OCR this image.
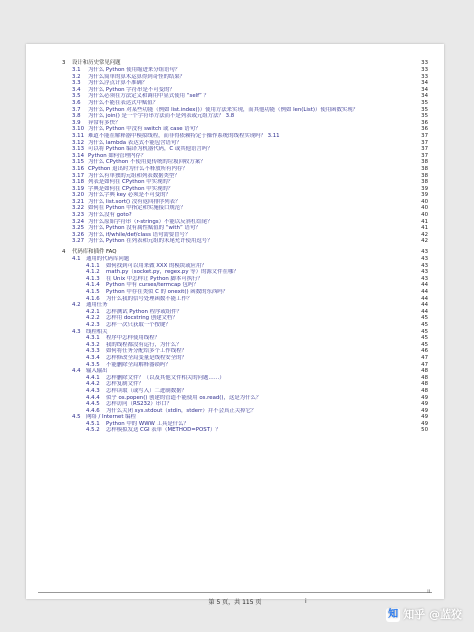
3 设计和历史常见问题	33
3.1 为什么 Python 使用缩进来分组语句？	33
3.2 为什么简单的算术运算得到奇怪的结果？	33
3.3 为什么浮点计算不准确？	34
3.4 为什么 Python 字符串是不可变的？	34
3.5 为什么必须在方法定义和调用中显式使用 “self” ？	34
3.6 为什么不能在表达式中赋值？	35
3.7 为什么 Python 对某些功能（例如 list.index()）使用方法来实现，而其他功能（例如 len(List)）使用函数实现？	35
3.8 为什么 join() 是一个字符串方法而不是列表或元组方法？ 3.8	35
3.9 异常有多快？	36
3.10 为什么 Python 中没有 switch 或 case 语句？	36
3.11 难道不能在解释器中模拟线程，而非得依赖特定于操作系统的线程实现吗？ 3.11	37
3.12 为什么 lambda 表达式不能包含语句？	37
3.13 可以将 Python 编译为机器代码，C 或其他语言吗？	37
3.14 Python 如何管理内存？	37
3.15 为什么 CPython 不使用更传统的垃圾回收方案？	38
3.16 CPython 退出时为什么不释放所有内存？	38
3.17 为什么有单独的元组和列表数据类型？	38
3.18 列表是如何在 CPython 中实现的？	38
3.19 字典是如何在 CPython 中实现的？	39
3.20 为什么字典 key 必须是不可变的？	39
3.21 为什么 list.sort() 没有返回排序列表？	40
3.22 如何在 Python 中指定和实施接口规范？	40
3.23 为什么没有 goto?	40
3.24 为什么原始字符串（r-strings）不能以反斜杠结尾？	41
3.25 为什么 Python 没有属性赋值的 “with” 语句？	41
3.26 为什么 if/while/def/class 语句需要冒号？	42
3.27 为什么 Python 在列表和元组的末尾允许使用逗号？	42
4 代码库和插件 FAQ	43
4.1 通用的代码库问题	43
4.1.1 如何找到可以用来做 XXX 的模块或应用？	43
4.1.2 math.py（socket.py，regex.py 等）的源文件在哪？	43
4.1.3 在 Unix 中怎样让 Python 脚本可执行？	43
4.1.4 Python 中有 curses/termcap 包吗？	44
4.1.5 Python 中存在类似 C 的 onexit() 函数的东西吗？	44
4.1.6 为什么我的信号处理函数不能工作？	44
4.2 通用任务	44
4.2.1 怎样测试 Python 程序或组件？	44
4.2.2 怎样用 docstring 创建文档？	45
4.2.3 怎样一次只获取一个按键？	45
4.3 线程相关	45
4.3.1 程序中怎样使用线程？	45
4.3.2 我的线程都没有运行，为什么？	45
4.3.3 如何将任务分配给多个工作线程？	46
4.3.4 怎样修改全局变量是线程安全的？	47
4.3.5 不能删除全局解释器锁吗？	47
4.4 输入输出	48
4.4.1 怎样删除文件？（以及其他文件相关的问题……）	48
4.4.2 怎样复制文件？	48
4.4.3 怎样读取（或写入）二进制数据？	48
4.4.4 似乎 os.popen() 创建的管道不能使用 os.read()，这是为什么？	49
4.4.5 怎样访问（RS232）串口？	49
4.4.6 为什么关闭 sys.stdout（stdin，stderr）并不会真正关掉它？	49
4.5 网络 / Internet 编程	49
4.5.1 Python 中的 WWW 工具是什么？	49
4.5.2 怎样模拟发送 CGI 表单（METHOD=POST）？	50
ii
第 5 页，共 115 页	i
知 知乎 @蓝狡
